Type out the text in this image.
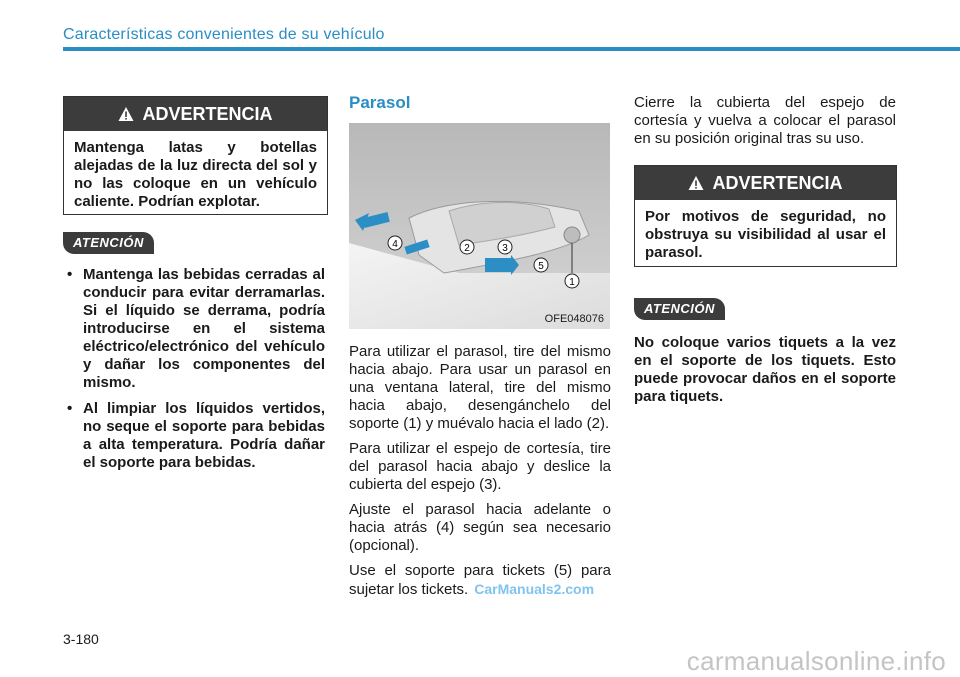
Características convenientes de su vehículo
ADVERTENCIA
Mantenga latas y botellas alejadas de la luz directa del sol y no las coloque en un vehículo caliente. Podrían explotar.
ATENCIÓN
• Mantenga las bebidas cerradas al conducir para evitar derramarlas. Si el líquido se derrama, podría introducirse en el sistema eléctrico/electrónico del vehículo y dañar los componentes del mismo.
• Al limpiar los líquidos vertidos, no seque el soporte para bebidas a alta temperatura. Podría dañar el soporte para bebidas.
Parasol
4	2	3
5
1
OFE048076

Para utilizar el parasol, tire del mismo hacia abajo. Para usar un parasol en una ventana lateral, tire del mismo hacia abajo, desengánchelo del soporte (1) y muévalo hacia el lado (2).

Para utilizar el espejo de cortesía, tire del parasol hacia abajo y deslice la cubierta del espejo (3).

Ajuste el parasol hacia adelante o hacia atrás (4) según sea necesario (opcional).

Use el soporte para tickets (5) para sujetar los tickets. CarManuals2.com

Cierre la cubierta del espejo de cortesía y vuelva a colocar el parasol en su posición original tras su uso.
ADVERTENCIA
Por motivos de seguridad, no obstruya su visibilidad al usar el parasol.
ATENCIÓN
No coloque varios tiquets a la vez en el soporte de los tiquets. Esto puede provocar daños en el soporte para tiquets.
3-180
carmanualsonline.info
